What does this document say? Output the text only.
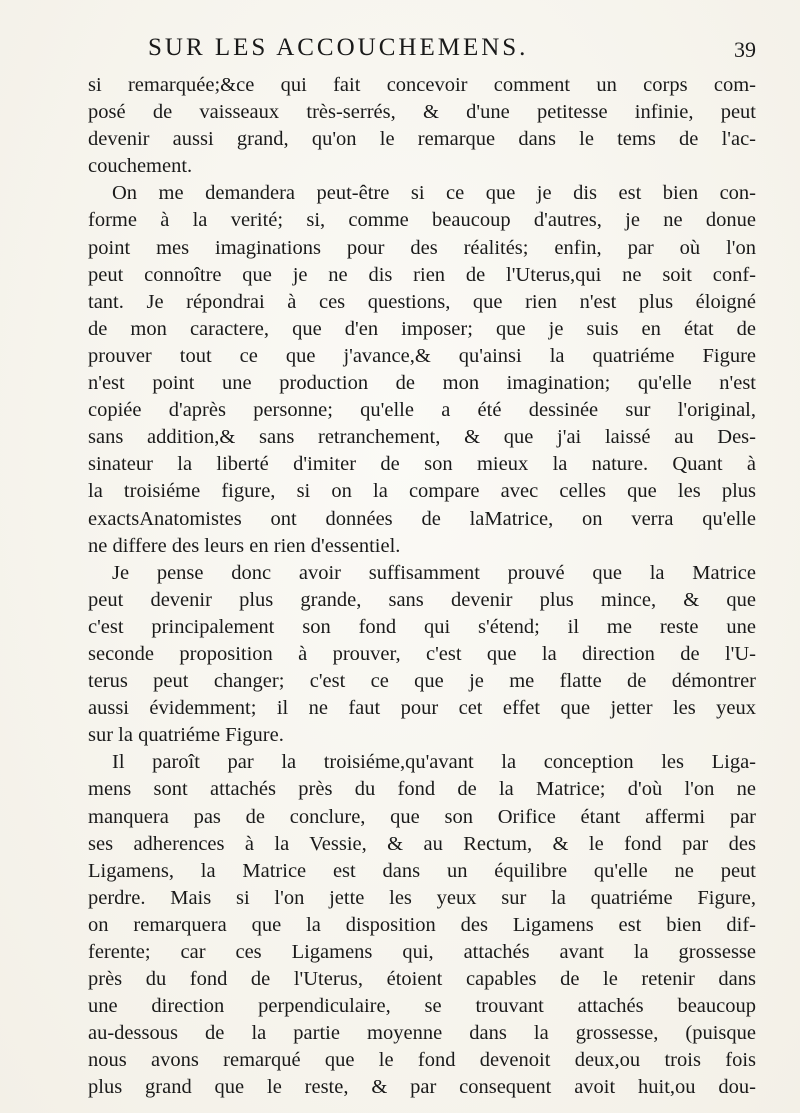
SUR LES ACCOUCHEMENS.	39
si remarquée;&ce qui fait concevoir comment un corps com-
posé de vaisseaux très-serrés, & d'une petitesse infinie, peut
devenir aussi grand, qu'on le remarque dans le tems de l'ac-
couchement.
On me demandera peut-être si ce que je dis est bien con-
forme à la verité; si, comme beaucoup d'autres, je ne donue
point mes imaginations pour des réalités; enfin, par où l'on
peut connoître que je ne dis rien de l'Uterus,qui ne soit conf-
tant. Je répondrai à ces questions, que rien n'est plus éloigné
de mon caractere, que d'en imposer; que je suis en état de
prouver tout ce que j'avance,& qu'ainsi la quatriéme Figure
n'est point une production de mon imagination; qu'elle n'est
copiée d'après personne; qu'elle a été dessinée sur l'original,
sans addition,& sans retranchement, & que j'ai laissé au Des-
sinateur la liberté d'imiter de son mieux la nature. Quant à
la troisiéme figure, si on la compare avec celles que les plus
exactsAnatomistes ont données de laMatrice, on verra qu'elle
ne differe des leurs en rien d'essentiel.
Je pense donc avoir suffisamment prouvé que la Matrice
peut devenir plus grande, sans devenir plus mince, & que
c'est principalement son fond qui s'étend; il me reste une
seconde proposition à prouver, c'est que la direction de l'U-
terus peut changer; c'est ce que je me flatte de démontrer
aussi évidemment; il ne faut pour cet effet que jetter les yeux
sur la quatriéme Figure.
Il paroît par la troisiéme,qu'avant la conception les Liga-
mens sont attachés près du fond de la Matrice; d'où l'on ne
manquera pas de conclure, que son Orifice étant affermi par
ses adherences à la Vessie, & au Rectum, & le fond par des
Ligamens, la Matrice est dans un équilibre qu'elle ne peut
perdre. Mais si l'on jette les yeux sur la quatriéme Figure,
on remarquera que la disposition des Ligamens est bien dif-
ferente; car ces Ligamens qui, attachés avant la grossesse
près du fond de l'Uterus, étoient capables de le retenir dans
une direction perpendiculaire, se trouvant attachés beaucoup
au-dessous de la partie moyenne dans la grossesse, (puisque
nous avons remarqué que le fond devenoit deux,ou trois fois
plus grand que le reste, & par consequent avoit huit,ou dou-
